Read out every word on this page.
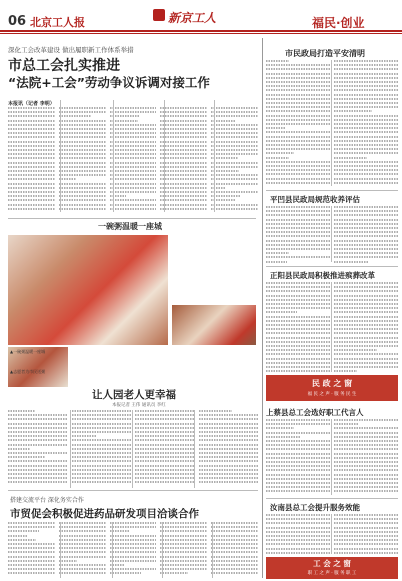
06 北京工人报	新京工人	福民·创业
深化工会改革建设 做出履职新工作体系举措
市总工会扎实推进
“法院+工会”劳动争议诉调对接工作
本报讯（记者 李明）
一碗粥温暖一座城
▲一碗粥温暖一座城
▲志愿者为市民送粥
让人园老人更幸福
本报记者 王伟 通讯员 李红
搭建交流平台 深化务实合作
市贸促会积极促进药品研发项目洽谈合作
市民政局打造平安清明
平凹县民政局规范收养评估
正阳县民政局积极推进殡葬改革
民 政 之 窗
福 民 之 声 · 服 务 民 生
上蔡县总工会选好职工代言人
汝南县总工会提升服务效能
工 会 之 窗
职 工 之 声 · 服 务 职 工
